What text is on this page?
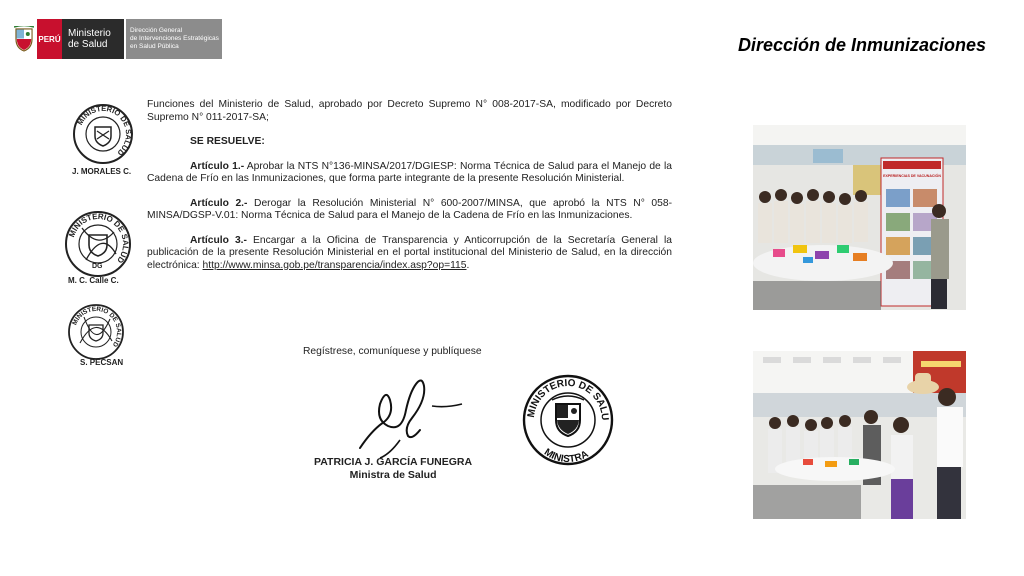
PERÚ Ministerio
de Salud
Dirección General
de Intervenciones Estratégicas
en Salud Pública	Dirección de Inmunizaciones
MINISTERIO DE SALUD
J. MORALES C.
MINISTERIO DE SALUD
DG
M. C. Calle C.
MINISTERIO DE SALUD
S. PECSAN

Funciones del Ministerio de Salud, aprobado por Decreto Supremo N° 008-2017-SA, modificado por Decreto Supremo N° 011-2017-SA;

SE RESUELVE:

Artículo 1.- Aprobar la NTS N°136-MINSA/2017/DGIESP: Norma Técnica de Salud para el Manejo de la Cadena de Frío en las Inmunizaciones, que forma parte integrante de la presente Resolución Ministerial.

Artículo 2.- Derogar la Resolución Ministerial N° 600-2007/MINSA, que aprobó la NTS N° 058-MINSA/DGSP-V.01: Norma Técnica de Salud para el Manejo de la Cadena de Frío en las Inmunizaciones.

Artículo 3.- Encargar a la Oficina de Transparencia y Anticorrupción de la Secretaría General la publicación de la presente Resolución Ministerial en el portal institucional del Ministerio de Salud, en la dirección electrónica: http://www.minsa.gob.pe/transparencia/index.asp?op=115.

Regístrese, comuníquese y publíquese
PATRICIA J. GARCÍA FUNEGRA
Ministra de Salud
MINISTERIO DE SALU
MINISTRA
EXPERIENCIAS DE VACUNACIÓN
